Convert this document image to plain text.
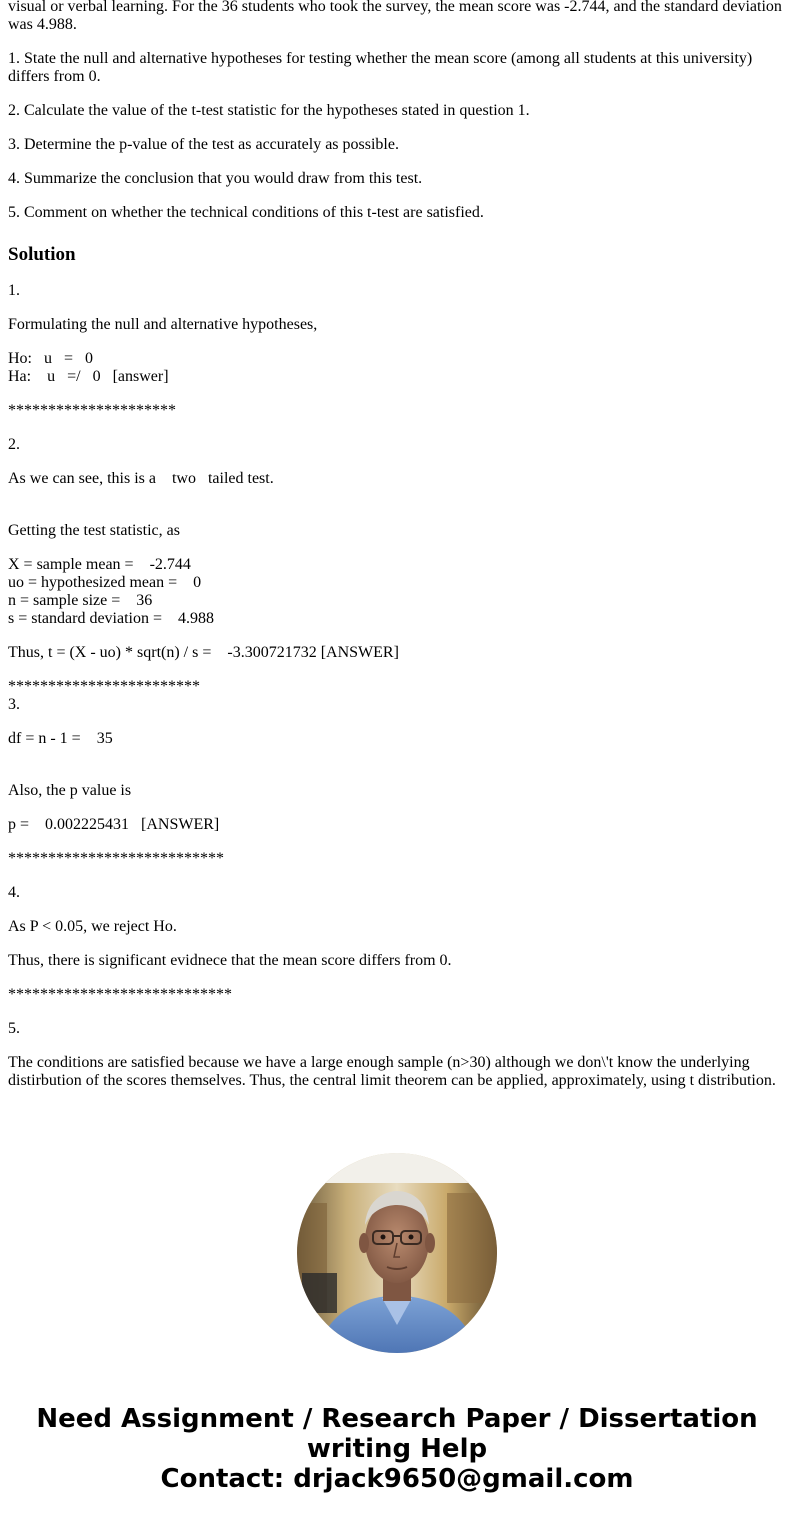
visual or verbal learning. For the 36 students who took the survey, the mean score was -2.744, and the standard deviation was 4.988.

1. State the null and alternative hypotheses for testing whether the mean score (among all students at this university) differs from 0.

2. Calculate the value of the t-test statistic for the hypotheses stated in question 1.

3. Determine the p-value of the test as accurately as possible.

4. Summarize the conclusion that you would draw from this test.

5. Comment on whether the technical conditions of this t-test are satisfied.

Solution

1.

Formulating the null and alternative hypotheses,

Ho:   u   =   0
Ha:    u   =/   0   [answer]

*********************

2.

As we can see, this is a    two   tailed test.

Getting the test statistic, as

X = sample mean =    -2.744
uo = hypothesized mean =    0
n = sample size =    36
s = standard deviation =    4.988

Thus, t = (X - uo) * sqrt(n) / s =    -3.300721732 [ANSWER]

************************
3.

df = n - 1 =    35

Also, the p value is

p =    0.002225431   [ANSWER]

***************************

4.

As P < 0.05, we reject Ho.

Thus, there is significant evidnece that the mean score differs from 0.

****************************

5.

The conditions are satisfied because we have a large enough sample (n>30) although we don\'t know the underlying distirbution of the scores themselves. Thus, the central limit theorem can be applied, approximately, using t distribution.

Need Assignment / Research Paper / Dissertation
writing Help
Contact: drjack9650@gmail.com
